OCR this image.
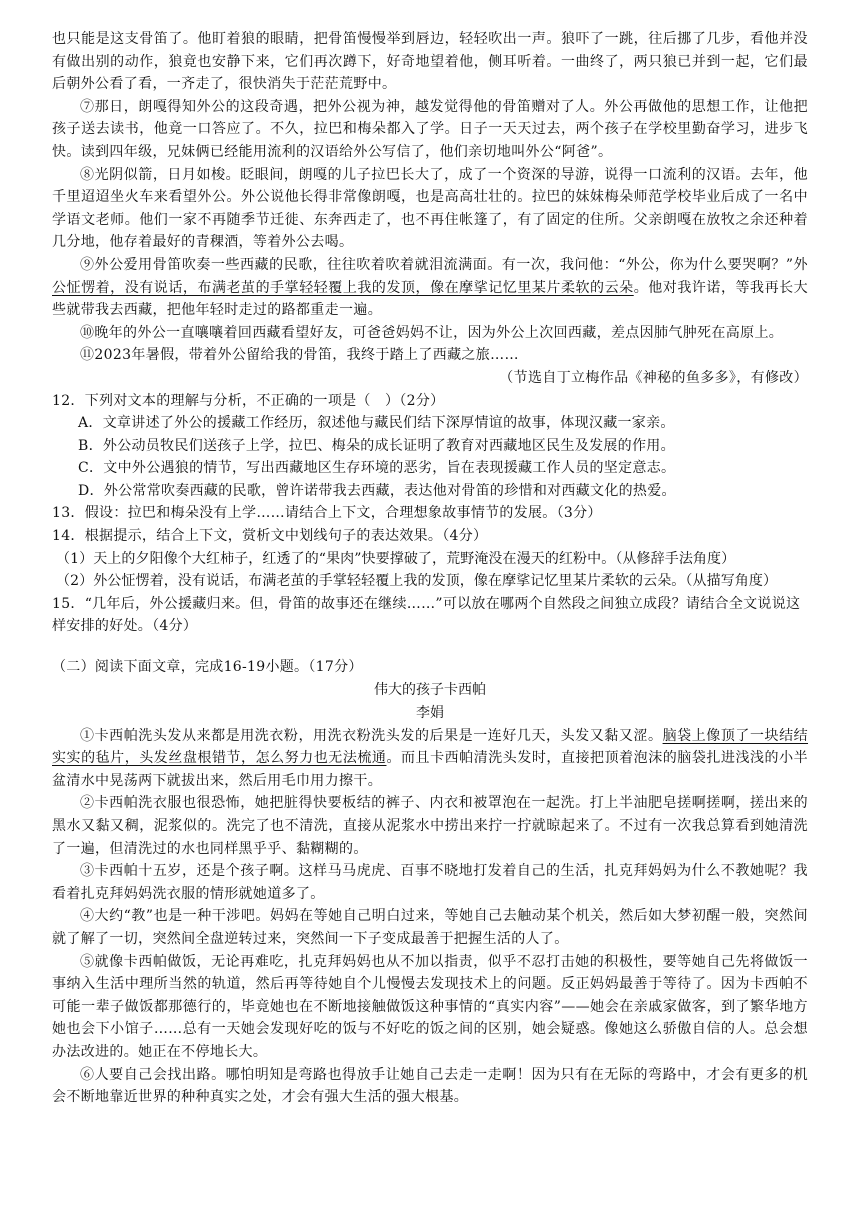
也只能是这支骨笛了。他盯着狼的眼睛，把骨笛慢慢举到唇边，轻轻吹出一声。狼吓了一跳，往后挪了几步，看他并没有做出别的动作，狼竟也安静下来，它们再次蹲下，好奇地望着他，侧耳听着。一曲终了，两只狼已并到一起，它们最后朝外公看了看，一齐走了，很快消失于茫茫荒野中。

⑦那日，朗嘎得知外公的这段奇遇，把外公视为神，越发觉得他的骨笛赠对了人。外公再做他的思想工作，让他把孩子送去读书，他竟一口答应了。不久，拉巴和梅朵都入了学。日子一天天过去，两个孩子在学校里勤奋学习，进步飞快。读到四年级，兄妹俩已经能用流利的汉语给外公写信了，他们亲切地叫外公“阿爸”。

⑧光阴似箭，日月如梭。眨眼间，朗嘎的儿子拉巴长大了，成了一个资深的导游，说得一口流利的汉语。去年，他千里迢迢坐火车来看望外公。外公说他长得非常像朗嘎，也是高高壮壮的。拉巴的妹妹梅朵师范学校毕业后成了一名中学语文老师。他们一家不再随季节迁徙、东奔西走了，也不再住帐篷了，有了固定的住所。父亲朗嘎在放牧之余还种着几分地，他存着最好的青稞酒，等着外公去喝。

⑨外公爱用骨笛吹奏一些西藏的民歌，往往吹着吹着就泪流满面。有一次，我问他：“外公，你为什么要哭啊？”外公怔愣着，没有说话，布满老茧的手掌轻轻覆上我的发顶，像在摩挲记忆里某片柔软的云朵。他对我许诺，等我再长大些就带我去西藏，把他年轻时走过的路都重走一遍。

⑩晚年的外公一直嚷嚷着回西藏看望好友，可爸爸妈妈不让，因为外公上次回西藏，差点因肺气肿死在高原上。

⑪2023年暑假，带着外公留给我的骨笛，我终于踏上了西藏之旅……

（节选自丁立梅作品《神秘的鱼多多》，有修改）

12．下列对文本的理解与分析，不正确的一项是（　）（2分）

A．文章讲述了外公的援藏工作经历，叙述他与藏民们结下深厚情谊的故事，体现汉藏一家亲。

B．外公动员牧民们送孩子上学，拉巴、梅朵的成长证明了教育对西藏地区民生及发展的作用。

C．文中外公遇狼的情节，写出西藏地区生存环境的恶劣，旨在表现援藏工作人员的坚定意志。

D．外公常常吹奏西藏的民歌，曾许诺带我去西藏，表达他对骨笛的珍惜和对西藏文化的热爱。

13．假设：拉巴和梅朵没有上学……请结合上下文，合理想象故事情节的发展。（3分）

14．根据提示，结合上下文，赏析文中划线句子的表达效果。（4分）

（1）天上的夕阳像个大红柿子，红透了的“果肉”快要撑破了，荒野淹没在漫天的红粉中。（从修辞手法角度）

（2）外公怔愣着，没有说话，布满老茧的手掌轻轻覆上我的发顶，像在摩挲记忆里某片柔软的云朵。（从描写角度）

15．“几年后，外公援藏归来。但，骨笛的故事还在继续……”可以放在哪两个自然段之间独立成段？请结合全文说说这样安排的好处。（4分）

（二）阅读下面文章，完成16-19小题。（17分）

伟大的孩子卡西帕
李娟

①卡西帕洗头发从来都是用洗衣粉，用洗衣粉洗头发的后果是一连好几天，头发又黏又涩。脑袋上像顶了一块结结实实的毡片，头发丝盘根错节，怎么努力也无法梳通。而且卡西帕清洗头发时，直接把顶着泡沫的脑袋扎进浅浅的小半盆清水中晃荡两下就拔出来，然后用毛巾用力擦干。

②卡西帕洗衣服也很恐怖，她把脏得快要板结的裤子、内衣和被罩泡在一起洗。打上半油肥皂搓啊搓啊，搓出来的黑水又黏又稠，泥浆似的。洗完了也不清洗，直接从泥浆水中捞出来拧一拧就晾起来了。不过有一次我总算看到她清洗了一遍，但清洗过的水也同样黑乎乎、黏糊糊的。

③卡西帕十五岁，还是个孩子啊。这样马马虎虎、百事不晓地打发着自己的生活，扎克拜妈妈为什么不教她呢？我看着扎克拜妈妈洗衣服的情形就她道多了。

④大约“教”也是一种干涉吧。妈妈在等她自己明白过来，等她自己去触动某个机关，然后如大梦初醒一般，突然间就了解了一切，突然间全盘逆转过来，突然间一下子变成最善于把握生活的人了。

⑤就像卡西帕做饭，无论再难吃，扎克拜妈妈也从不加以指责，似乎不忍打击她的积极性，要等她自己先将做饭一事纳入生活中理所当然的轨道，然后再等待她自个儿慢慢去发现技术上的问题。反正妈妈最善于等待了。因为卡西帕不可能一辈子做饭都那德行的，毕竟她也在不断地接触做饭这种事情的“真实内容”——她会在亲戚家做客，到了繁华地方她也会下小馆子……总有一天她会发现好吃的饭与不好吃的饭之间的区别，她会疑惑。像她这么骄傲自信的人。总会想办法改进的。她正在不停地长大。

⑥人要自己会找出路。哪怕明知是弯路也得放手让她自己去走一走啊！因为只有在无际的弯路中，才会有更多的机会不断地靠近世界的种种真实之处，才会有强大生活的强大根基。
